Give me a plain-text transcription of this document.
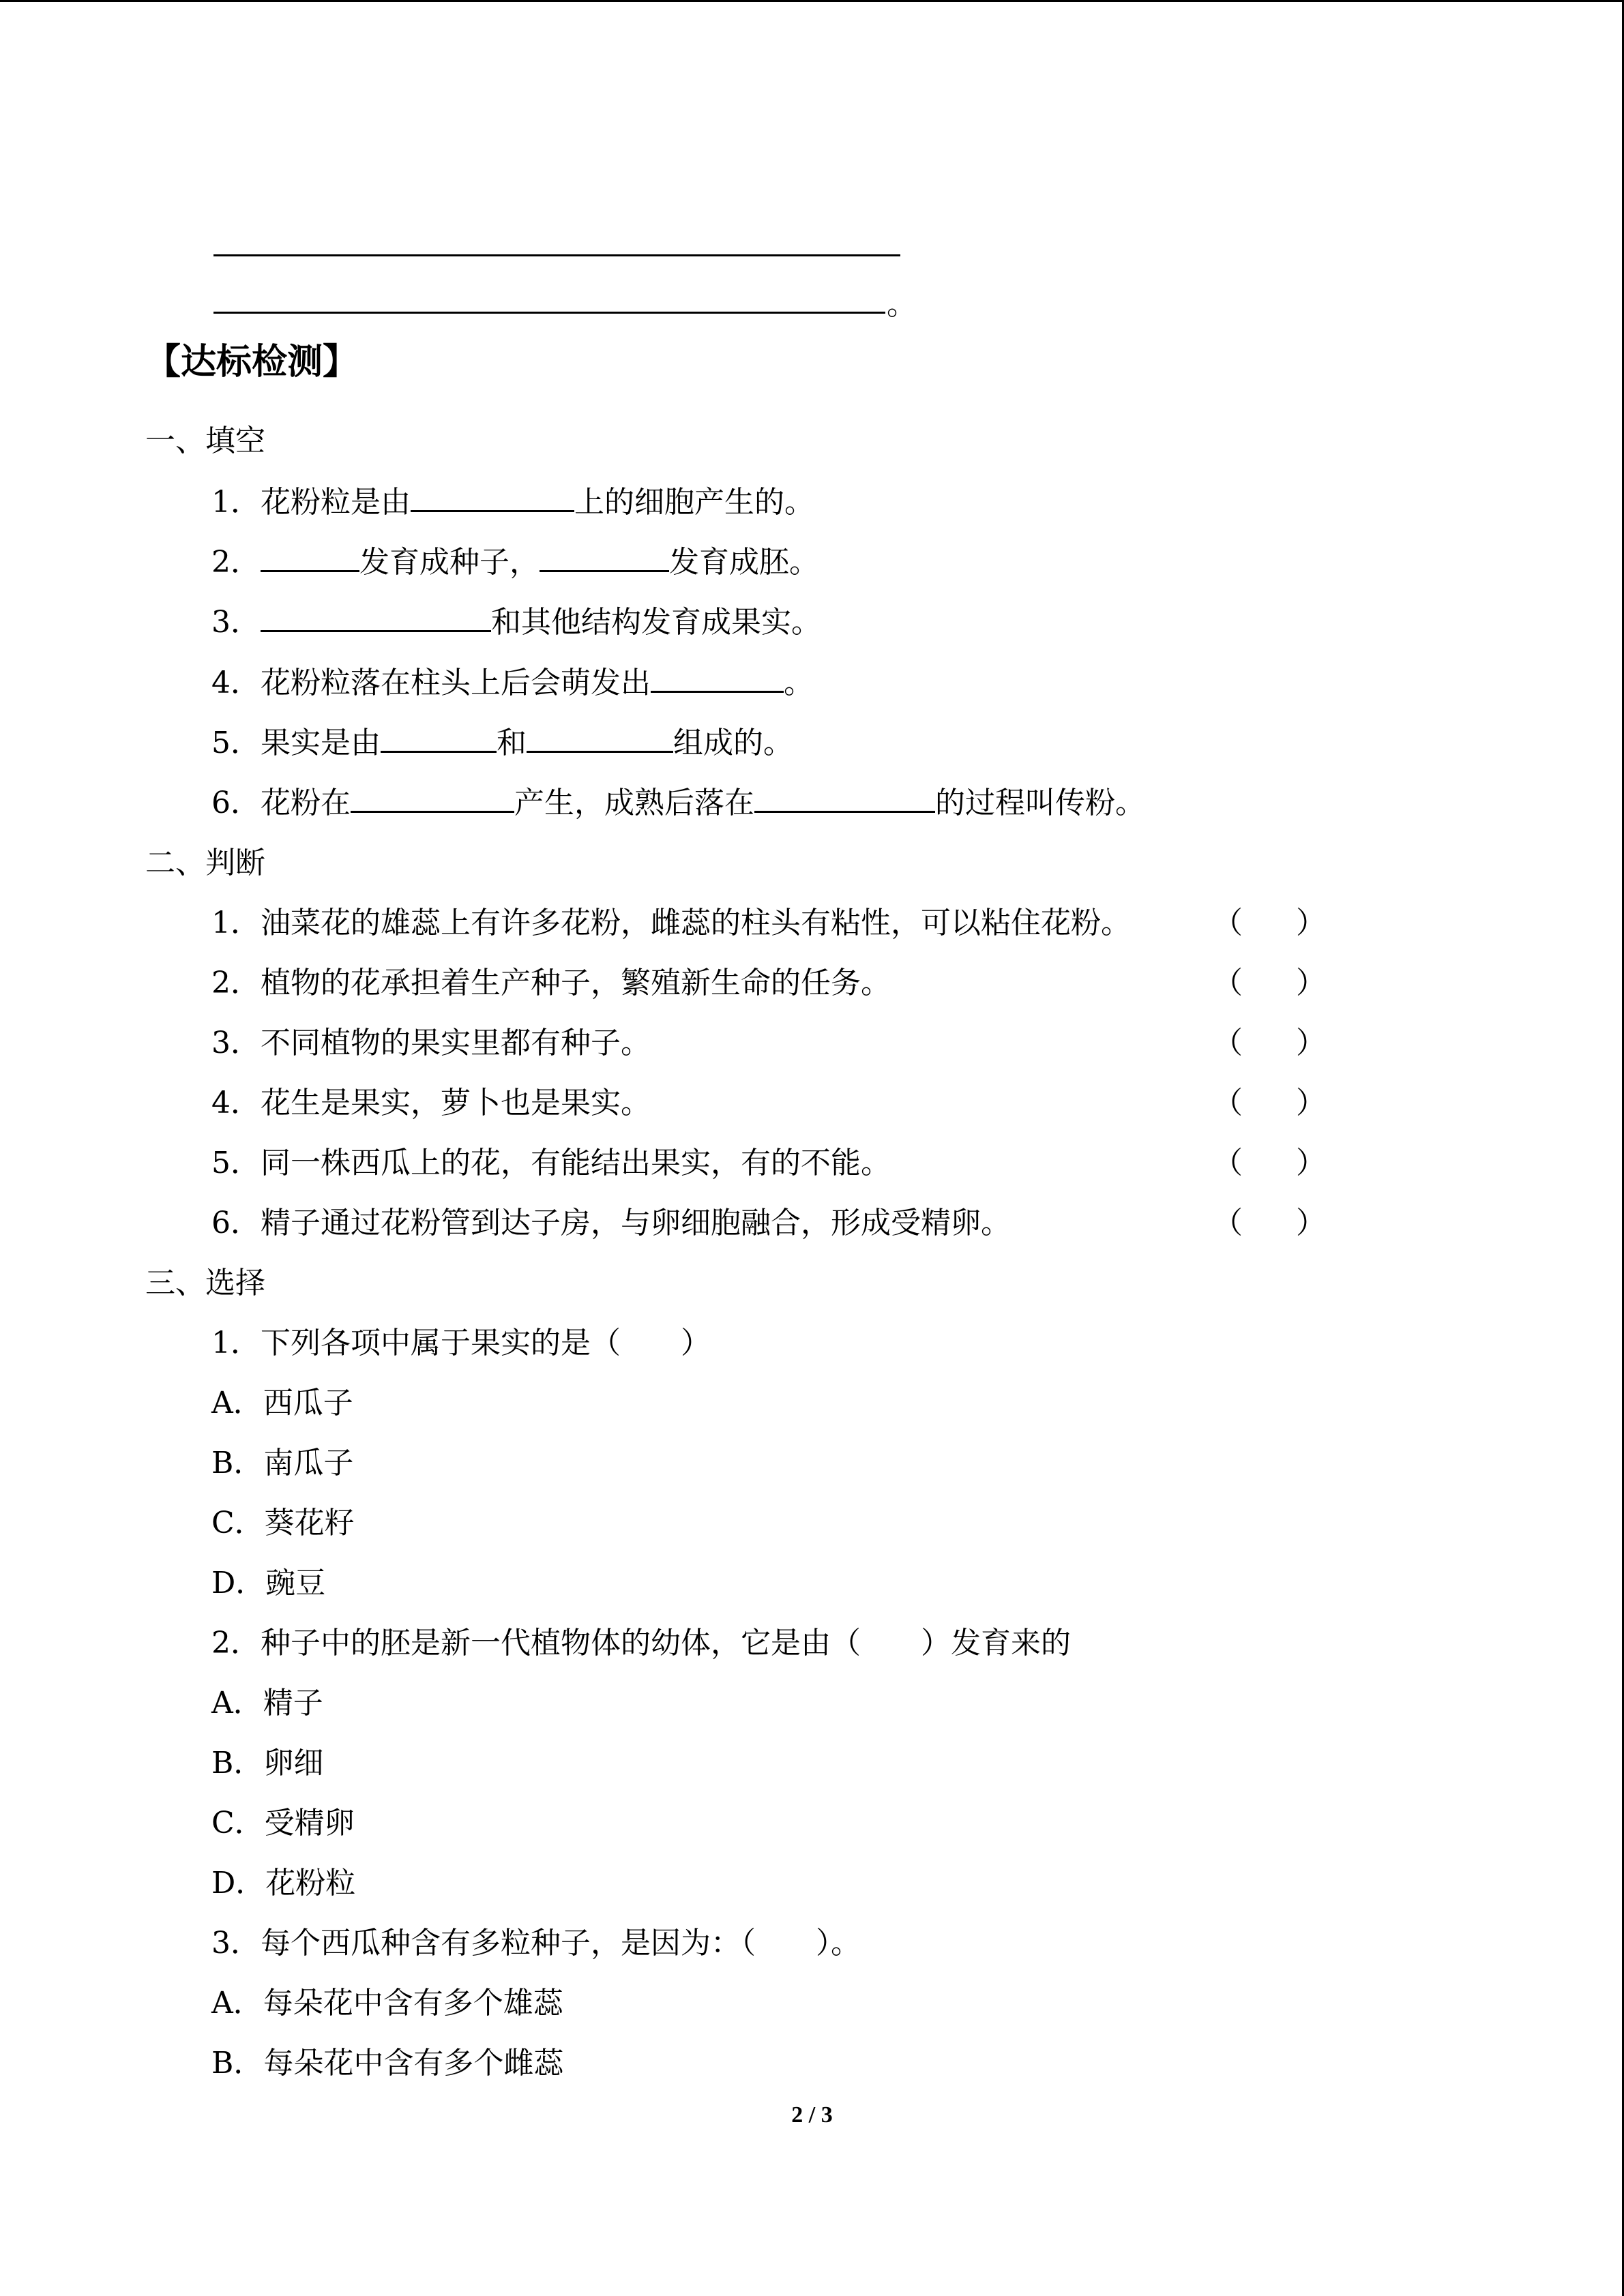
。
【达标检测】
一、填空
1．花粉粒是由	上的细胞产生的。
2．	发育成种子，	发育成胚。
3．	和其他结构发育成果实。
4．花粉粒落在柱头上后会萌发出	。
5．果实是由	和	组成的。
6．花粉在	产生，成熟后落在	的过程叫传粉。
二、判断
1．油菜花的雄蕊上有许多花粉，雌蕊的柱头有粘性，可以粘住花粉。	（	）
2．植物的花承担着生产种子，繁殖新生命的任务。	（	）
3．不同植物的果实里都有种子。	（	）
4．花生是果实，萝卜也是果实。	（	）
5．同一株西瓜上的花，有能结出果实，有的不能。	（	）
6．精子通过花粉管到达子房，与卵细胞融合，形成受精卵。	（	）
三、选择
1．下列各项中属于果实的是（　　）
A．西瓜子
B．南瓜子
C．葵花籽
D．豌豆
2．种子中的胚是新一代植物体的幼体，它是由（　　）发育来的
A．精子
B．卵细
C．受精卵
D．花粉粒
3．每个西瓜种含有多粒种子，是因为：（　　）。
A．每朵花中含有多个雄蕊
B．每朵花中含有多个雌蕊
2 / 3
